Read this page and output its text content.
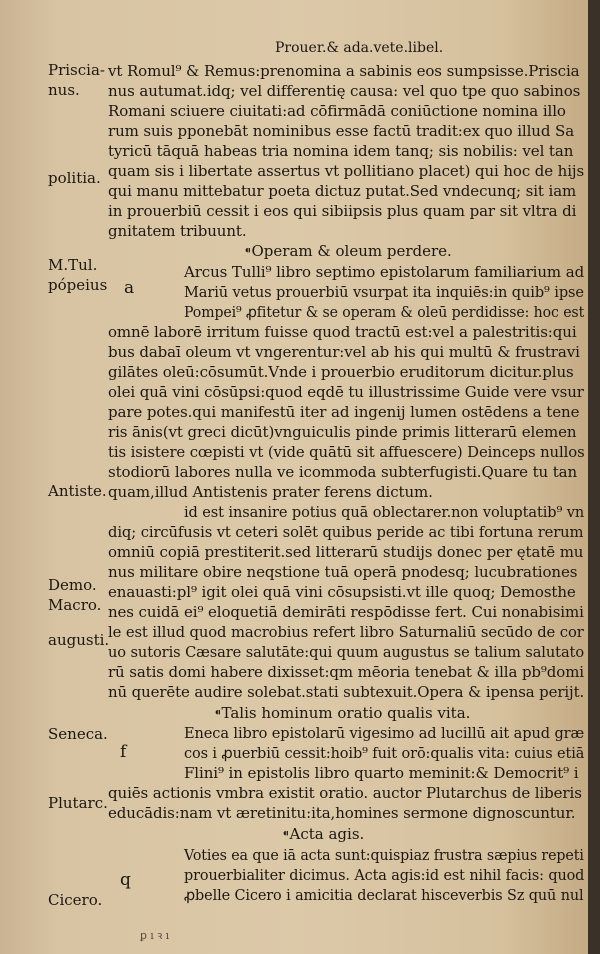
Prouer.& ada.vete.libel.
Priscia-
nus.
politia.
M.Tul.
pópeius
Antiste.
Demo.
Macro.
augusti.
Seneca.
Plutarc.
Cicero.
a
f
q
⁌Operam & oleum perdere.
⁌Talis hominum oratio qualis vita.
⁌Acta agis.
vt Romul⁹ & Remus:prenomina a sabinis eos sumpsisse.Priscia
nus autumat.idq; vel differentię causa: vel quo tpe quo sabinos
Romani sciuere ciuitati:ad cōfirmādā coniūctione nomina illo
rum suis pponebāt nominibus esse factū tradit:ex quo illud Sa
tyricū tāquā habeas tria nomina idem tanq; sis nobilis: vel tan
quam sis i libertate assertus vt pollitiano placet) qui hoc de hijs
qui manu mittebatur poeta dictuz putat.Sed vndecunq; sit iam
in prouerbiū cessit i eos qui sibiipsis plus quam par sit vltra di
gnitatem tribuunt.
Arcus Tulli⁹ libro septimo epistolarum familiarium ad
Mariū vetus prouerbiū vsurpat ita inquiēs:in quib⁹ ipse
Pompei⁹ ꝓfitetur & se operam & oleū perdidisse: hoc est
omnē laborē irritum fuisse quod tractū est:vel a palestritis:qui
bus dabaī oleum vt vngerentur:vel ab his qui multū & frustravi
gilātes oleū:cōsumūt.Vnde i prouerbio eruditorum dicitur.plus
olei quā vini cōsūpsi:quod eqdē tu illustrissime Guide vere vsur
pare potes.qui manifestū iter ad ingenij lumen ostēdens a tene
ris ānis(vt greci dicūt)vnguiculis pinde primis litterarū elemen
tis isistere cœpisti vt (vide quātū sit affuescere) Deinceps nullos
stodiorū labores nulla ve icommoda subterfugisti.Quare tu tan
quam,illud Antistenis prater ferens dictum.
id est insanire potius quā oblectarer.non voluptatib⁹ vn
diq; circūfusis vt ceteri solēt quibus peride ac tibi fortuna rerum
omniū copiā prestiterit.sed litterarū studijs donec per ętatē mu
nus militare obire neqstione tuā operā pnodesq; lucubrationes
enauasti:pl⁹ igit olei quā vini cōsupsisti.vt ille quoq; Demosthe
nes cuidā ei⁹ eloquetiā demirāti respōdisse fert. Cui nonabisimi
le est illud quod macrobius refert libro Saturnaliū secūdo de cor
uo sutoris Cæsare salutāte:qui quum augustus se talium salutato
rū satis domi habere dixisset:qm mēoria tenebat & illa pb⁹domi
nū querēte audire solebat.stati subtexuit.Opera & ipensa perijt.
Eneca libro epistolarū vigesimo ad lucillū ait apud græ
cos i ꝓuerbiū cessit:hoib⁹ fuit orō:qualis vita: cuius etiā
Flini⁹ in epistolis libro quarto meminit:& Democrit⁹ i
quiēs actionis vmbra existit oratio. auctor Plutarchus de liberis
educādis:nam vt æretinitu:ita,homines sermone dignoscuntur.
Voties ea que iā acta sunt:quispiaz frustra sæpius repeti
prouerbialiter dicimus. Acta agis:id est nihil facis: quod
ꝓbelle Cicero i amicitia declarat hisceverbis Sz quū nul
ꝑ ı ꝛ ı
